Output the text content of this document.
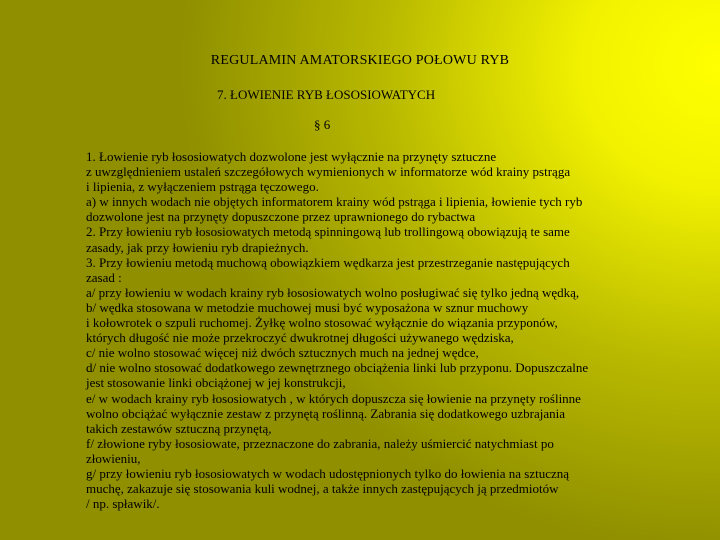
REGULAMIN AMATORSKIEGO POŁOWU RYB
7. ŁOWIENIE RYB ŁOSOSIOWATYCH
§ 6
1. Łowienie ryb łososiowatych dozwolone jest wyłącznie na przynęty sztuczne
z uwzględnieniem ustaleń szczegółowych wymienionych w informatorze wód krainy pstrąga
i lipienia, z wyłączeniem pstrąga tęczowego.
a) w innych wodach nie objętych informatorem krainy wód pstrąga i lipienia, łowienie tych ryb
dozwolone jest na przynęty dopuszczone przez uprawnionego do rybactwa
2. Przy łowieniu ryb łososiowatych metodą spinningową lub trollingową obowiązują te same
zasady, jak przy łowieniu ryb drapieżnych.
3. Przy łowieniu metodą muchową obowiązkiem wędkarza jest przestrzeganie następujących
zasad :
a/ przy łowieniu w wodach krainy ryb łososiowatych wolno posługiwać się tylko jedną wędką,
b/ wędka stosowana w metodzie muchowej musi być wyposażona w sznur muchowy
i kołowrotek o szpuli ruchomej. Żyłkę wolno stosować wyłącznie do wiązania przyponów,
których długość nie może przekroczyć dwukrotnej długości używanego wędziska,
c/ nie wolno stosować więcej niż dwóch sztucznych much na jednej wędce,
d/ nie wolno stosować dodatkowego zewnętrznego obciążenia linki lub przyponu. Dopuszczalne
jest stosowanie linki obciążonej w jej konstrukcji,
e/ w wodach krainy ryb łososiowatych , w których dopuszcza się łowienie na przynęty roślinne
wolno obciążać wyłącznie zestaw z przynętą roślinną. Zabrania się dodatkowego uzbrajania
takich zestawów sztuczną przynętą,
f/ złowione ryby łososiowate, przeznaczone do zabrania, należy uśmiercić natychmiast po
złowieniu,
g/ przy łowieniu ryb łososiowatych w wodach udostępnionych tylko do łowienia na sztuczną
muchę, zakazuje się stosowania kuli wodnej, a także innych zastępujących ją przedmiotów
/ np. spławik/.
